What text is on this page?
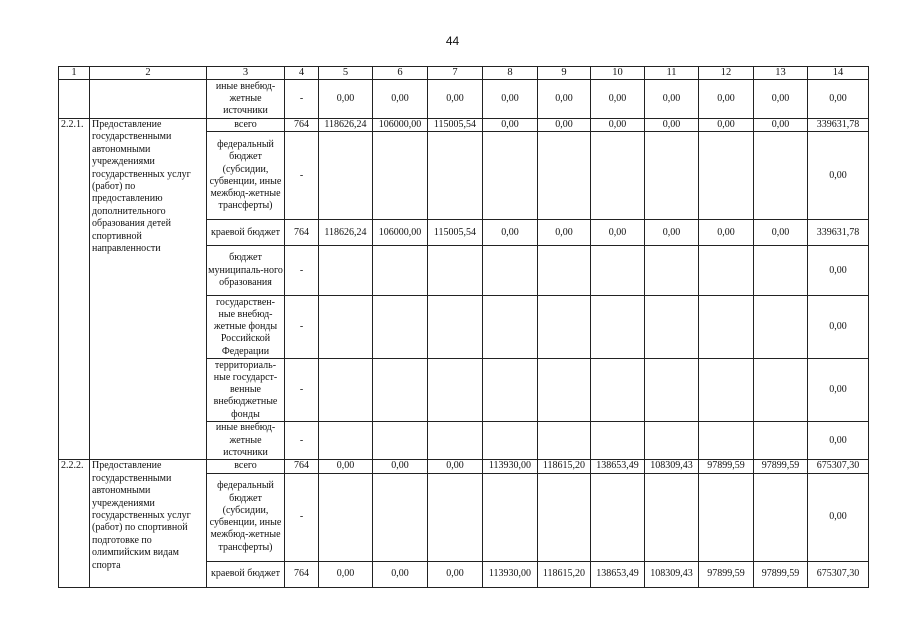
44
1	2	3	4	5	6	7	8	9	10	11	12	13	14
		иные внебюд-жетные источники	-	0,00	0,00	0,00	0,00	0,00	0,00	0,00	0,00	0,00	0,00
2.2.1.	Предоставление государственными автономными учреждениями государственных услуг (работ) по предоставлению дополнительного образования детей спортивной направленности	всего	764	118626,24	106000,00	115005,54	0,00	0,00	0,00	0,00	0,00	0,00	339631,78
		федеральный бюджет (субсидии, субвенции, иные межбюд-жетные трансферты)	-										0,00
		краевой бюджет	764	118626,24	106000,00	115005,54	0,00	0,00	0,00	0,00	0,00	0,00	339631,78
		бюджет муниципаль-ного образования	-										0,00
		государствен-ные внебюд-жетные фонды Российской Федерации	-										0,00
		территориаль-ные государст-венные внебюджетные фонды	-										0,00
		иные внебюд-жетные источники	-										0,00
2.2.2.	Предоставление государственными автономными учреждениями государственных услуг (работ) по спортивной подготовке по олимпийским видам спорта	всего	764	0,00	0,00	0,00	113930,00	118615,20	138653,49	108309,43	97899,59	97899,59	675307,30
		федеральный бюджет (субсидии, субвенции, иные межбюд-жетные трансферты)	-										0,00
		краевой бюджет	764	0,00	0,00	0,00	113930,00	118615,20	138653,49	108309,43	97899,59	97899,59	675307,30
